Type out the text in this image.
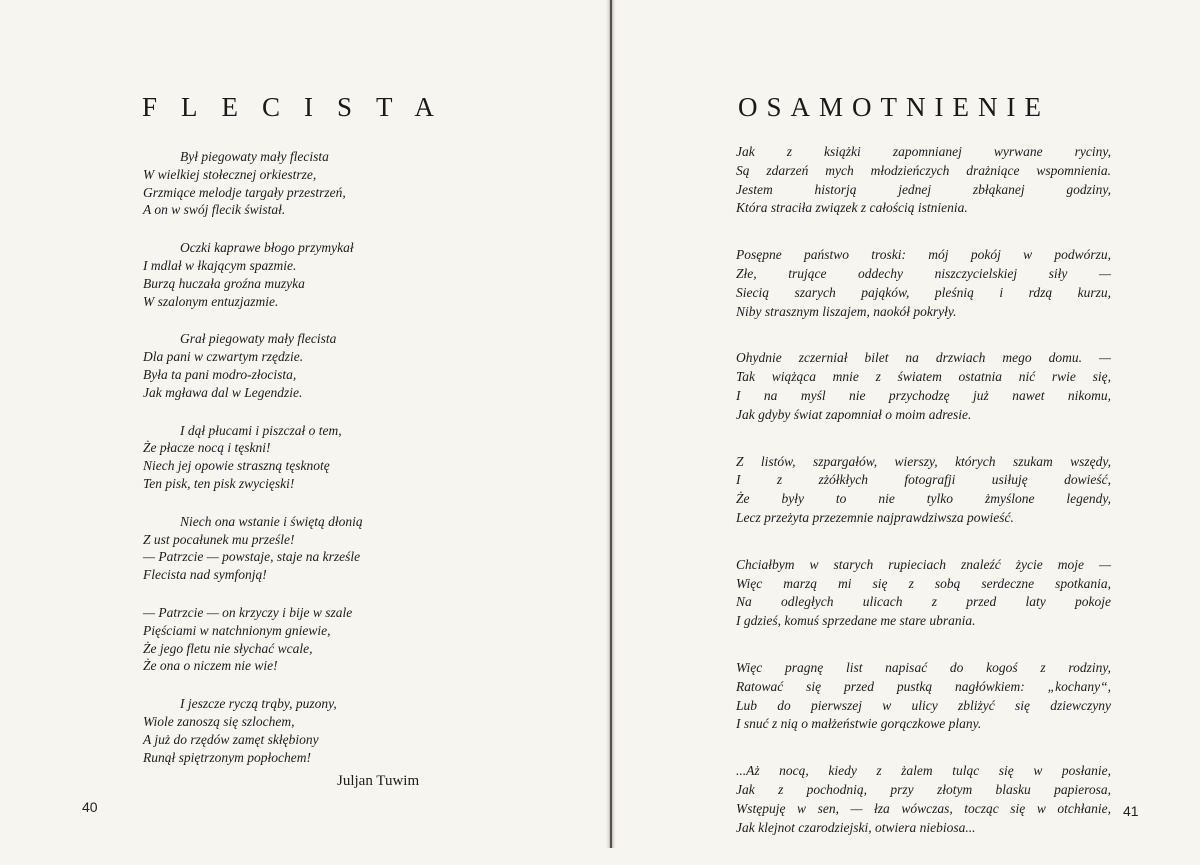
FLECISTA
Był piegowaty mały flecista
W wielkiej stołecznej orkiestrze,
Grzmiące melodje targały przestrzeń,
A on w swój flecik świstał.
Oczki kaprawe błogo przymykał
I mdlał w łkającym spazmie.
Burzą huczała groźna muzyka
W szalonym entuzjazmie.
Grał piegowaty mały flecista
Dla pani w czwartym rzędzie.
Była ta pani modro-złocista,
Jak mgława dal w Legendzie.
I dął płucami i piszczał o tem,
Że płacze nocą i tęskni!
Niech jej opowie straszną tęsknotę
Ten pisk, ten pisk zwycięski!
Niech ona wstanie i świętą dłonią
Z ust pocałunek mu prześle!
— Patrzcie — powstaje, staje na krześle
Flecista nad symfonją!
— Patrzcie — on krzyczy i bije w szale
Pięściami w natchnionym gniewie,
Że jego fletu nie słychać wcale,
Że ona o niczem nie wie!
I jeszcze ryczą trąby, puzony,
Wiole zanoszą się szlochem,
A już do rzędów zamęt skłębiony
Runął spiętrzonym popłochem!
Juljan Tuwim
40	41
OSAMOTNIENIE
Jak z książki zapomnianej wyrwane ryciny,
Są zdarzeń mych młodzieńczych drażniące wspomnienia.
Jestem historją jednej zbłąkanej godziny,
Która straciła związek z całością istnienia.
Posępne państwo troski: mój pokój w podwórzu,
Złe, trujące oddechy niszczycielskiej siły —
Siecią szarych pająków, pleśnią i rdzą kurzu,
Niby strasznym liszajem, naokół pokryły.
Ohydnie zczerniał bilet na drzwiach mego domu. —
Tak wiążąca mnie z światem ostatnia nić rwie się,
I na myśl nie przychodzę już nawet nikomu,
Jak gdyby świat zapomniał o moim adresie.
Z listów, szpargałów, wierszy, których szukam wszędy,
I z zżółkłych fotografji usiłuję dowieść,
Że były to nie tylko żmyślone legendy,
Lecz przeżyta przezemnie najprawdziwsza powieść.
Chciałbym w starych rupieciach znaleźć życie moje —
Więc marzą mi się z sobą serdeczne spotkania,
Na odległych ulicach z przed laty pokoje
I gdzieś, komuś sprzedane me stare ubrania.
Więc pragnę list napisać do kogoś z rodziny,
Ratować się przed pustką nagłówkiem: „kochany“,
Lub do pierwszej w ulicy zbliżyć się dziewczyny
I snuć z nią o małżeństwie gorączkowe plany.
...Aż nocą, kiedy z żalem tuląc się w posłanie,
Jak z pochodnią, przy złotym blasku papierosa,
Wstępuję w sen, — łza wówczas, tocząc się w otchłanie,
Jak klejnot czarodziejski, otwiera niebiosa...
